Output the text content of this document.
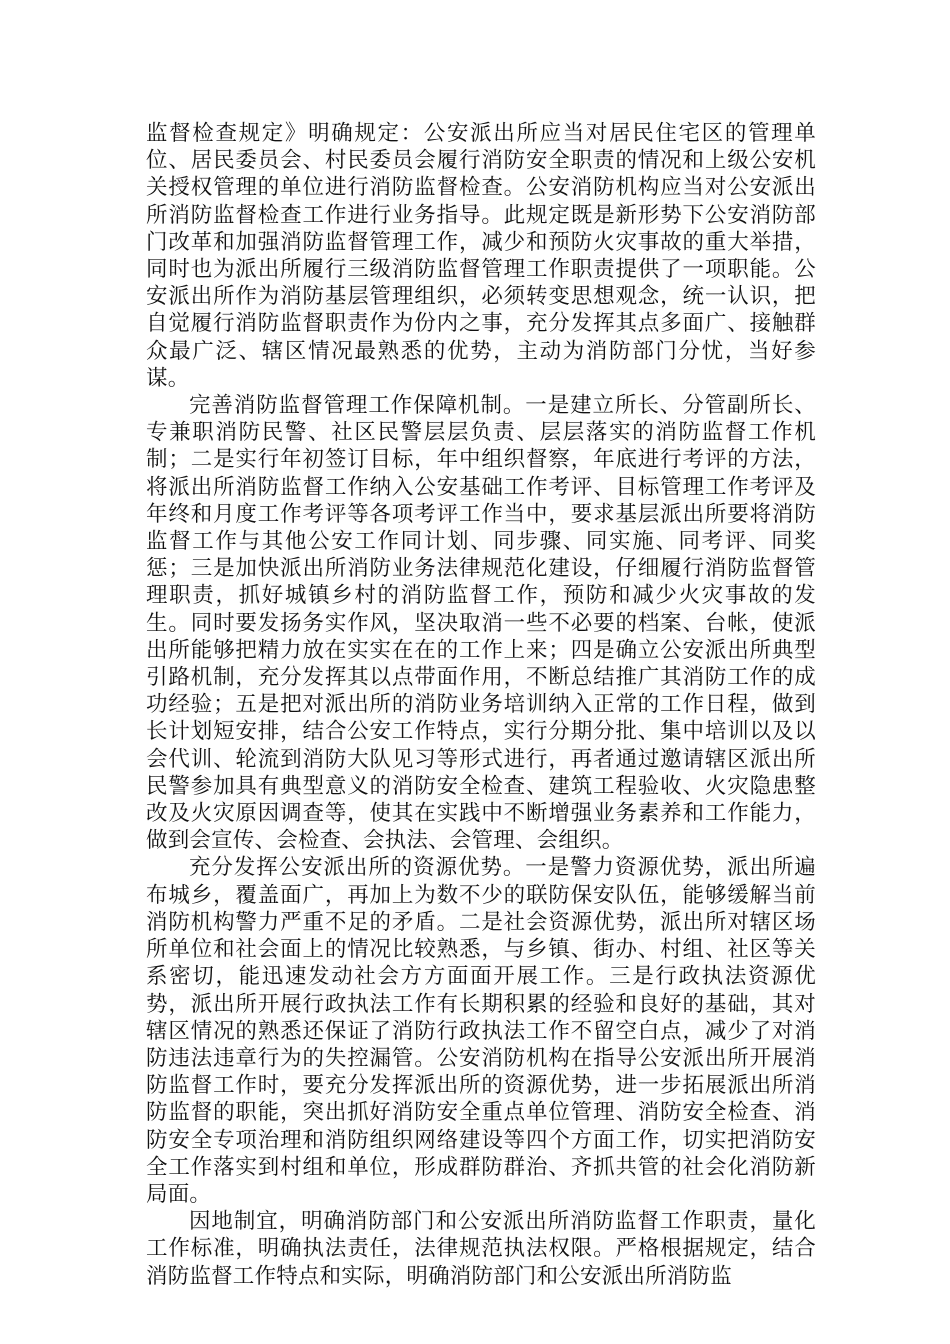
监督检查规定》明确规定：公安派出所应当对居民住宅区的管理单位、居民委员会、村民委员会履行消防安全职责的情况和上级公安机关授权管理的单位进行消防监督检查。公安消防机构应当对公安派出所消防监督检查工作进行业务指导。此规定既是新形势下公安消防部门改革和加强消防监督管理工作，减少和预防火灾事故的重大举措，同时也为派出所履行三级消防监督管理工作职责提供了一项职能。公安派出所作为消防基层管理组织，必须转变思想观念，统一认识，把自觉履行消防监督职责作为份内之事，充分发挥其点多面广、接触群众最广泛、辖区情况最熟悉的优势，主动为消防部门分忧，当好参谋。

完善消防监督管理工作保障机制。一是建立所长、分管副所长、专兼职消防民警、社区民警层层负责、层层落实的消防监督工作机制；二是实行年初签订目标，年中组织督察，年底进行考评的方法，将派出所消防监督工作纳入公安基础工作考评、目标管理工作考评及年终和月度工作考评等各项考评工作当中，要求基层派出所要将消防监督工作与其他公安工作同计划、同步骤、同实施、同考评、同奖惩；三是加快派出所消防业务法律规范化建设，仔细履行消防监督管理职责，抓好城镇乡村的消防监督工作，预防和减少火灾事故的发生。同时要发扬务实作风，坚决取消一些不必要的档案、台帐，使派出所能够把精力放在实实在在的工作上来；四是确立公安派出所典型引路机制，充分发挥其以点带面作用，不断总结推广其消防工作的成功经验；五是把对派出所的消防业务培训纳入正常的工作日程，做到长计划短安排，结合公安工作特点，实行分期分批、集中培训以及以会代训、轮流到消防大队见习等形式进行，再者通过邀请辖区派出所民警参加具有典型意义的消防安全检查、建筑工程验收、火灾隐患整改及火灾原因调查等，使其在实践中不断增强业务素养和工作能力，做到会宣传、会检查、会执法、会管理、会组织。

充分发挥公安派出所的资源优势。一是警力资源优势，派出所遍布城乡，覆盖面广，再加上为数不少的联防保安队伍，能够缓解当前消防机构警力严重不足的矛盾。二是社会资源优势，派出所对辖区场所单位和社会面上的情况比较熟悉，与乡镇、街办、村组、社区等关系密切，能迅速发动社会方方面面开展工作。三是行政执法资源优势，派出所开展行政执法工作有长期积累的经验和良好的基础，其对辖区情况的熟悉还保证了消防行政执法工作不留空白点，减少了对消防违法违章行为的失控漏管。公安消防机构在指导公安派出所开展消防监督工作时，要充分发挥派出所的资源优势，进一步拓展派出所消防监督的职能，突出抓好消防安全重点单位管理、消防安全检查、消防安全专项治理和消防组织网络建设等四个方面工作，切实把消防安全工作落实到村组和单位，形成群防群治、齐抓共管的社会化消防新局面。

因地制宜，明确消防部门和公安派出所消防监督工作职责，量化工作标准，明确执法责任，法律规范执法权限。严格根据规定，结合消防监督工作特点和实际，明确消防部门和公安派出所消防监
